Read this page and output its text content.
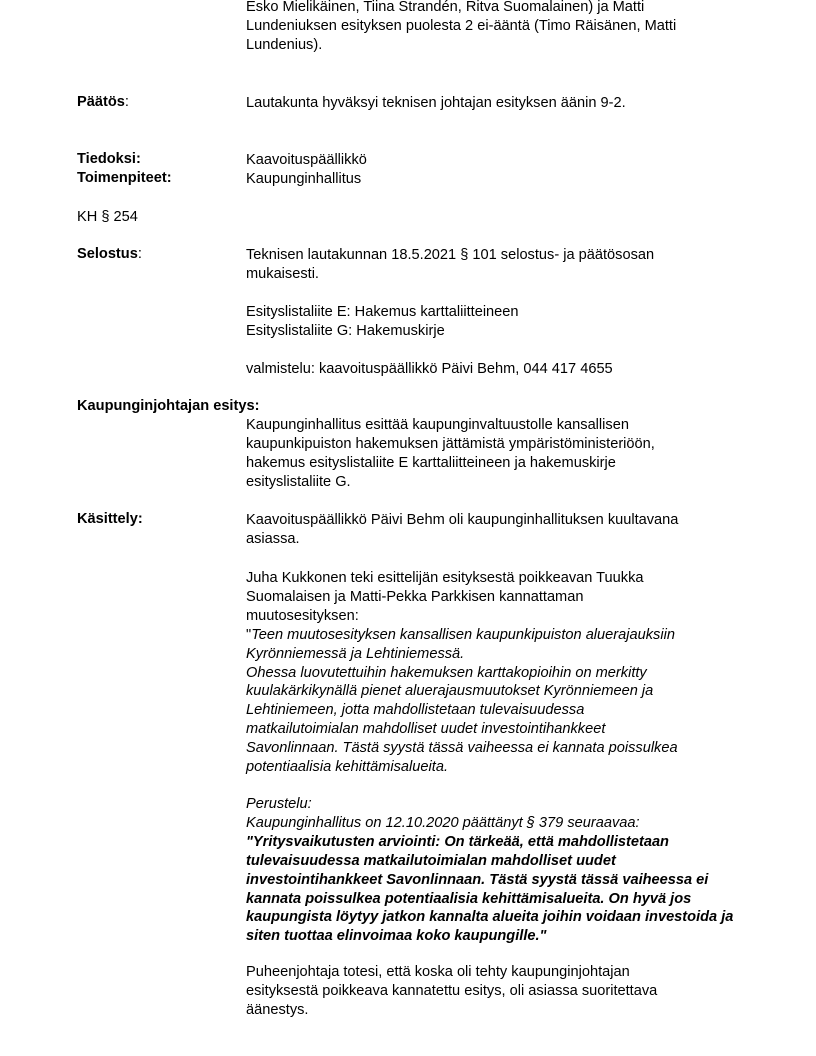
Esko Mielikäinen, Tiina Strandén, Ritva Suomalainen) ja Matti
Lundeniuksen esityksen puolesta 2 ei-ääntä (Timo Räisänen, Matti
Lundenius).
Päätös:	Lautakunta hyväksyi teknisen johtajan esityksen äänin 9-2.
Tiedoksi:	Kaavoituspäällikkö
Toimenpiteet:	Kaupunginhallitus
KH § 254
Selostus:	Teknisen lautakunnan 18.5.2021 § 101 selostus- ja päätösosan
mukaisesti.
Esityslistaliite E: Hakemus karttaliitteineen
Esityslistaliite G: Hakemuskirje
valmistelu: kaavoituspäällikkö Päivi Behm, 044 417 4655
Kaupunginjohtajan esitys:
Kaupunginhallitus esittää kaupunginvaltuustolle kansallisen
kaupunkipuiston hakemuksen jättämistä ympäristöministeriöön,
hakemus esityslistaliite E karttaliitteineen ja hakemuskirje
esityslistaliite G.
Käsittely:	Kaavoituspäällikkö Päivi Behm oli kaupunginhallituksen kuultavana
asiassa.
Juha Kukkonen teki esittelijän esityksestä poikkeavan Tuukka
Suomalaisen ja Matti-Pekka Parkkisen kannattaman
muutosesityksen:
"Teen muutosesityksen kansallisen kaupunkipuiston aluerajauksiin
Kyrönniemessä ja Lehtiniemessä.
Ohessa luovutettuihin hakemuksen karttakopioihin on merkitty
kuulakärkikynällä pienet aluerajausmuutokset Kyrönniemeen ja
Lehtiniemeen, jotta mahdollistetaan tulevaisuudessa
matkailutoimialan mahdolliset uudet investointihankkeet
Savonlinnaan. Tästä syystä tässä vaiheessa ei kannata poissulkea
potentiaalisia kehittämisalueita.
Perustelu:
Kaupunginhallitus on 12.10.2020 päättänyt § 379 seuraavaa:
"Yritysvaikutusten arviointi: On tärkeää, että mahdollistetaan
tulevaisuudessa matkailutoimialan mahdolliset uudet
investointihankkeet Savonlinnaan. Tästä syystä tässä vaiheessa ei
kannata poissulkea potentiaalisia kehittämisalueita. On hyvä jos
kaupungista löytyy jatkon kannalta alueita joihin voidaan investoida ja
siten tuottaa elinvoimaa koko kaupungille."
Puheenjohtaja totesi, että koska oli tehty kaupunginjohtajan
esityksestä poikkeava kannatettu esitys, oli asiassa suoritettava
äänestys.
